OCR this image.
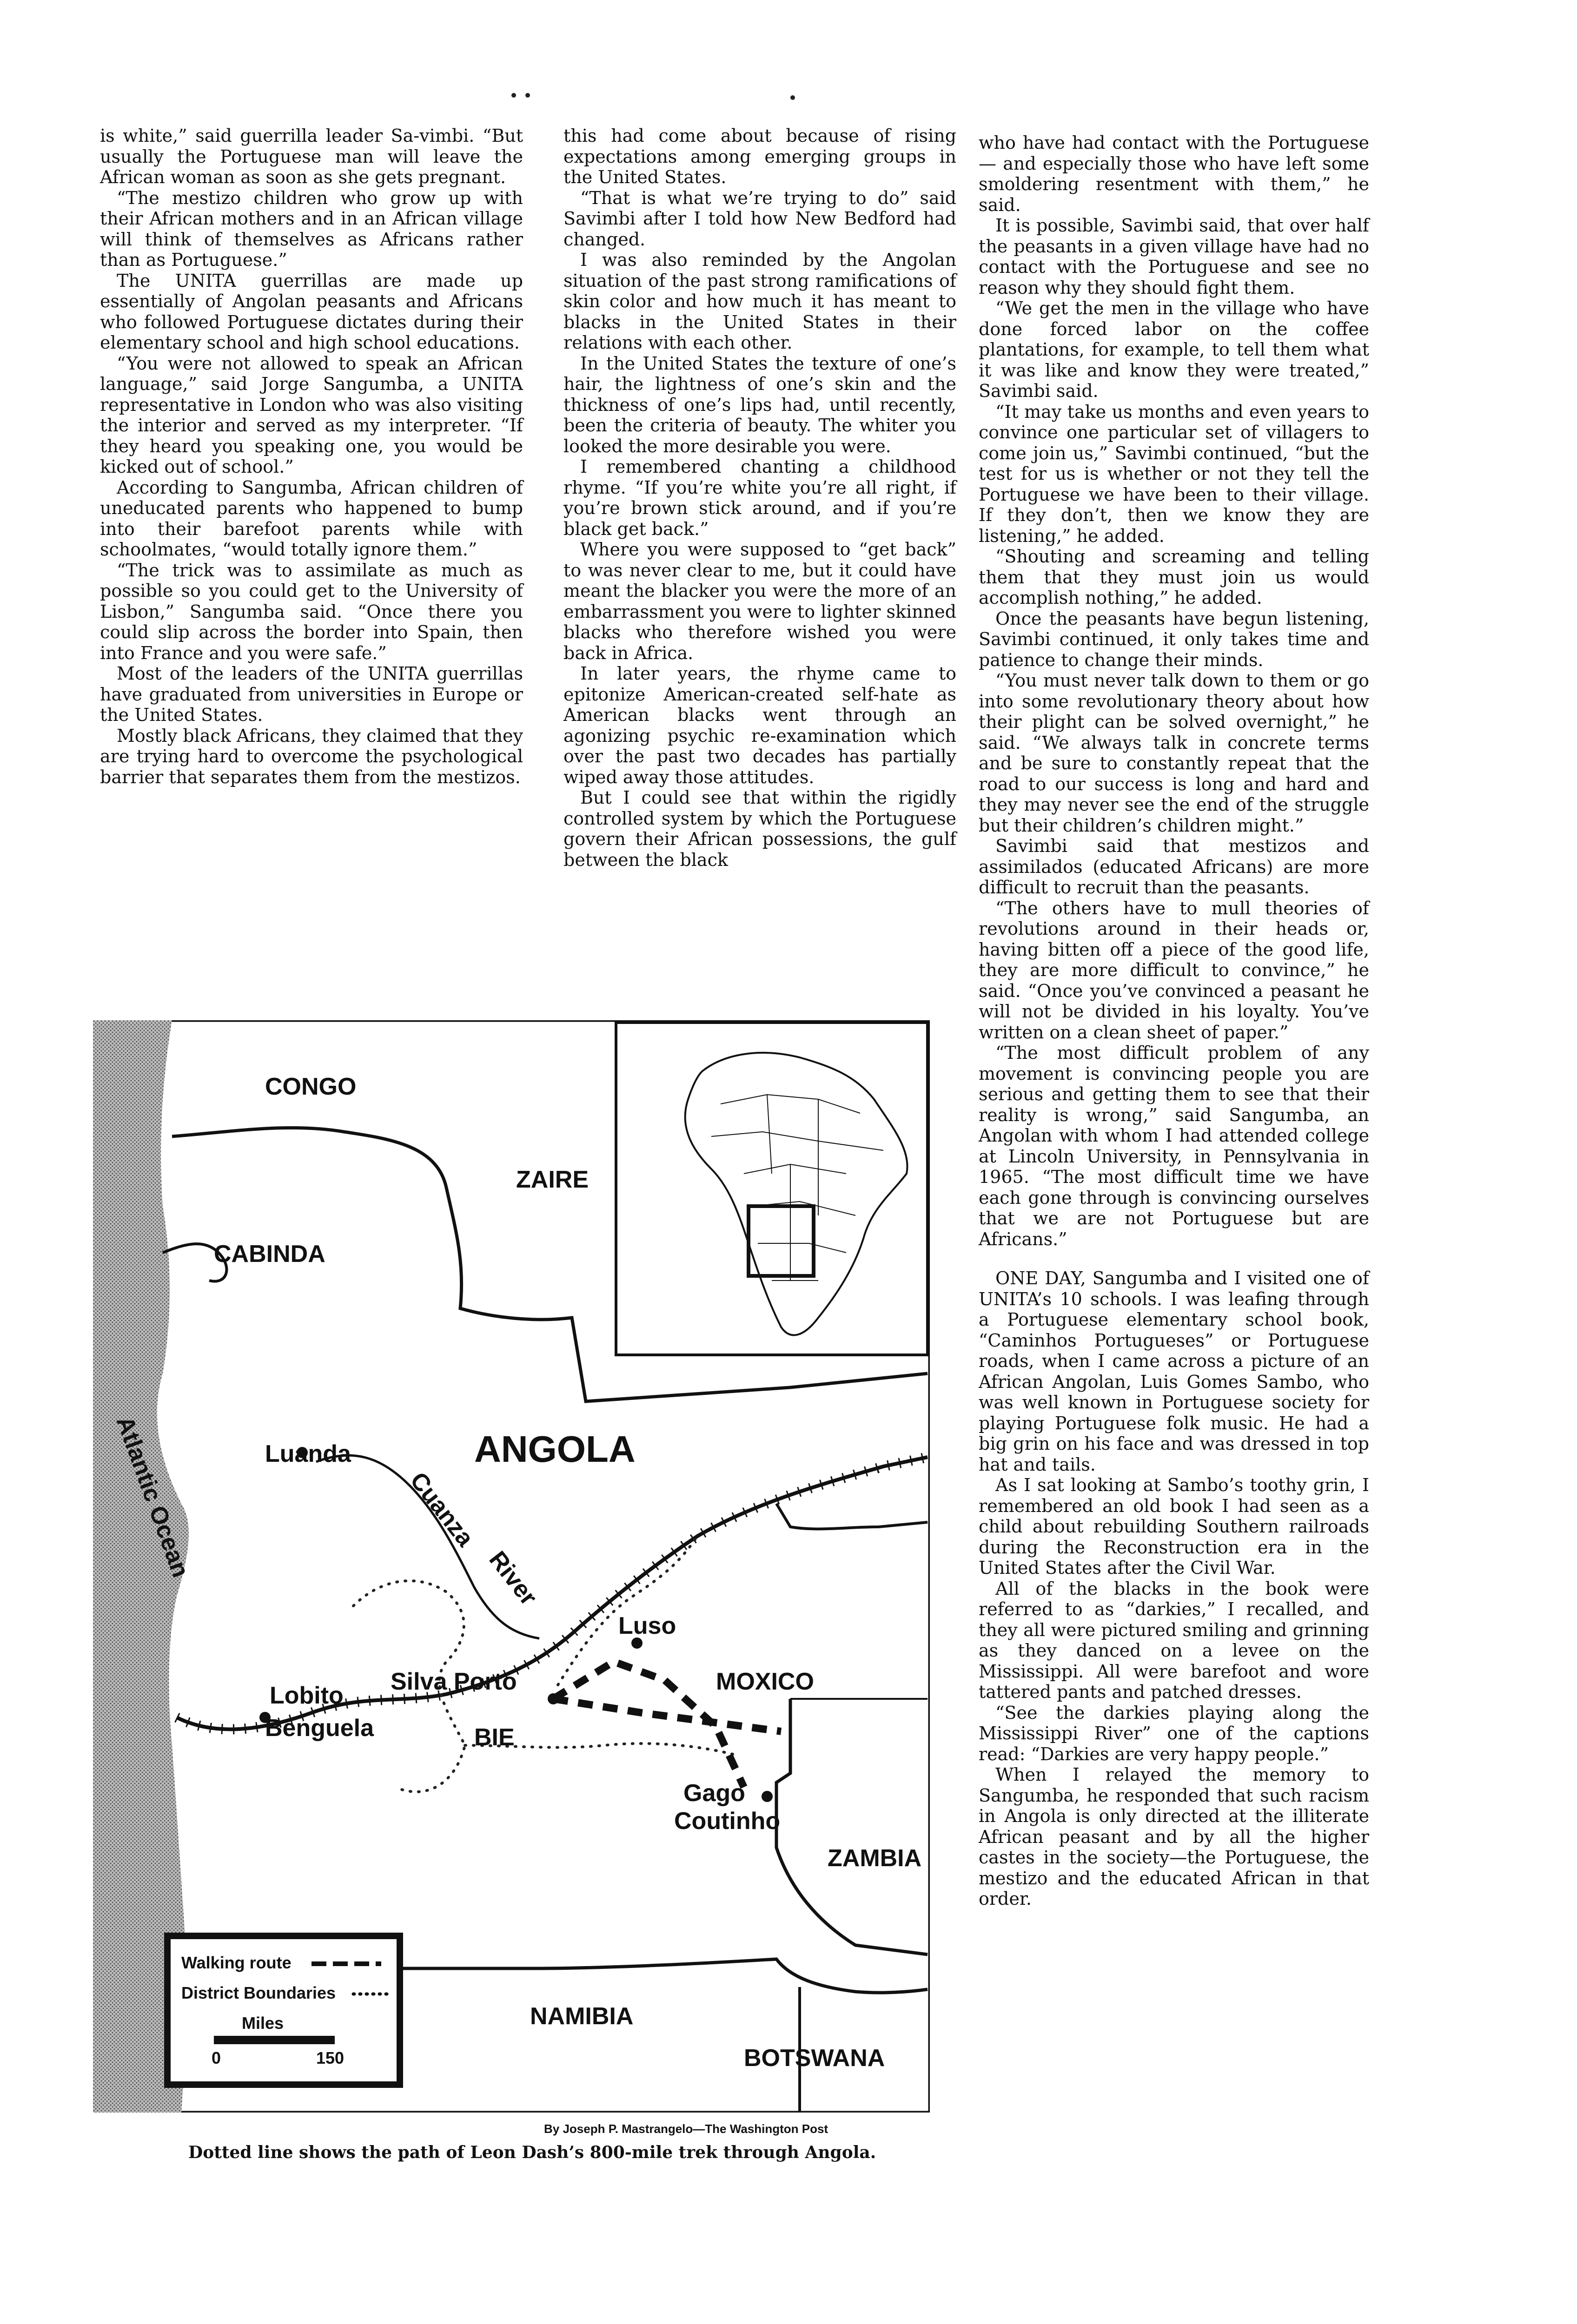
is white,” said guerrilla leader Sa-vimbi. “But usually the Portuguese man will leave the African woman as soon as she gets pregnant.

“The mestizo children who grow up with their African mothers and in an African village will think of themselves as Africans rather than as Portuguese.”

The UNITA guerrillas are made up essentially of Angolan peasants and Africans who followed Portuguese dictates during their elementary school and high school educations.

“You were not allowed to speak an African language,” said Jorge Sangumba, a UNITA representative in London who was also visiting the interior and served as my interpreter. “If they heard you speaking one, you would be kicked out of school.”

According to Sangumba, African children of uneducated parents who happened to bump into their barefoot parents while with schoolmates, “would totally ignore them.”

“The trick was to assimilate as much as possible so you could get to the University of Lisbon,” Sangumba said. “Once there you could slip across the border into Spain, then into France and you were safe.”

Most of the leaders of the UNITA guerrillas have graduated from universities in Europe or the United States.

Mostly black Africans, they claimed that they are trying hard to overcome the psychological barrier that separates them from the mestizos.

this had come about because of rising expectations among emerging groups in the United States.

“That is what we’re trying to do” said Savimbi after I told how New Bedford had changed.

I was also reminded by the Angolan situation of the past strong ramifications of skin color and how much it has meant to blacks in the United States in their relations with each other.

In the United States the texture of one’s hair, the lightness of one’s skin and the thickness of one’s lips had, until recently, been the criteria of beauty. The whiter you looked the more desirable you were.

I remembered chanting a childhood rhyme. “If you’re white you’re all right, if you’re brown stick around, and if you’re black get back.”

Where you were supposed to “get back” to was never clear to me, but it could have meant the blacker you were the more of an embarrassment you were to lighter skinned blacks who therefore wished you were back in Africa.

In later years, the rhyme came to epitonize American-created self-hate as American blacks went through an agonizing psychic re-examination which over the past two decades has partially wiped away those attitudes.

But I could see that within the rigidly controlled system by which the Portuguese govern their African possessions, the gulf between the black

who have had contact with the Portuguese — and especially those who have left some smoldering resentment with them,” he said.

It is possible, Savimbi said, that over half the peasants in a given village have had no contact with the Portuguese and see no reason why they should fight them.

“We get the men in the village who have done forced labor on the coffee plantations, for example, to tell them what it was like and know they were treated,” Savimbi said.

“It may take us months and even years to convince one particular set of villagers to come join us,” Savimbi continued, “but the test for us is whether or not they tell the Portuguese we have been to their village. If they don’t, then we know they are listening,” he added.

“Shouting and screaming and telling them that they must join us would accomplish nothing,” he added.

Once the peasants have begun listening, Savimbi continued, it only takes time and patience to change their minds.

“You must never talk down to them or go into some revolutionary theory about how their plight can be solved overnight,” he said. “We always talk in concrete terms and be sure to constantly repeat that the road to our success is long and hard and they may never see the end of the struggle but their children’s children might.”

Savimbi said that mestizos and assimilados (educated Africans) are more difficult to recruit than the peasants.

“The others have to mull theories of revolutions around in their heads or, having bitten off a piece of the good life, they are more difficult to convince,” he said. “Once you’ve convinced a peasant he will not be divided in his loyalty. You’ve written on a clean sheet of paper.”

“The most difficult problem of any movement is convincing people you are serious and getting them to see that their reality is wrong,” said Sangumba, an Angolan with whom I had attended college at Lincoln University, in Pennsylvania in 1965. “The most difficult time we have each gone through is convincing ourselves that we are not Portuguese but are Africans.”

ONE DAY, Sangumba and I visited one of UNITA’s 10 schools. I was leafing through a Portuguese elementary school book, “Caminhos Portugueses” or Portuguese roads, when I came across a picture of an African Angolan, Luis Gomes Sambo, who was well known in Portuguese society for playing Portuguese folk music. He had a big grin on his face and was dressed in top hat and tails.

As I sat looking at Sambo’s toothy grin, I remembered an old book I had seen as a child about rebuilding Southern railroads during the Reconstruction era in the United States after the Civil War.

All of the blacks in the book were referred to as “darkies,” I recalled, and they all were pictured smiling and grinning as they danced on a levee on the Mississippi. All were barefoot and wore tattered pants and patched dresses.

“See the darkies playing along the Mississippi River” one of the captions read: “Darkies are very happy people.”

When I relayed the memory to Sangumba, he responded that such racism in Angola is only directed at the illiterate African peasant and by all the higher castes in the society—the Portuguese, the mestizo and the educated African in that order.

Walking route
District Boundaries
Miles
0	150
CONGO
ZAIRE
CABINDA
Luanda	ANGOLA
Cuanza
River
Atlantic Ocean
Luso
MOXICO
Lobito
Benguela
Silva Porto
BIE
Gago
Coutinho
ZAMBIA
NAMIBIA
BOTSWANA
By Joseph P. Mastrangelo—The Washington Post
Dotted line shows the path of Leon Dash’s 800-mile trek through Angola.
